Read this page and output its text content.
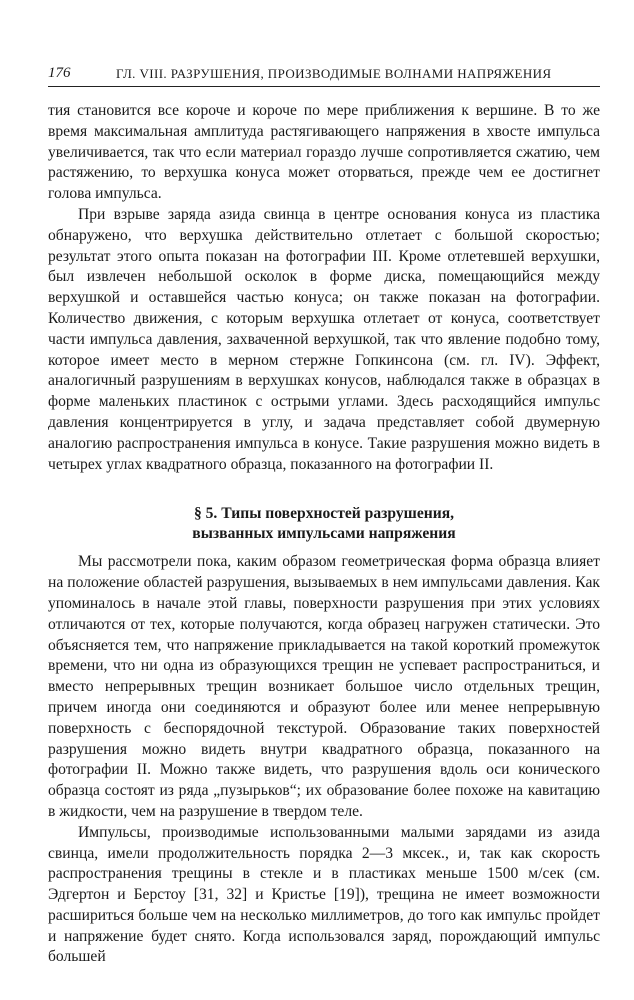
176	ГЛ. VIII. РАЗРУШЕНИЯ, ПРОИЗВОДИМЫЕ ВОЛНАМИ НАПРЯЖЕНИЯ

тия становится все короче и короче по мере приближения к вершине. В то же время максимальная амплитуда растягивающего напряжения в хвосте импульса увеличивается, так что если материал гораздо лучше сопротивляется сжатию, чем растяжению, то верхушка конуса может оторваться, прежде чем ее достигнет голова импульса.

При взрыве заряда азида свинца в центре основания конуса из пластика обнаружено, что верхушка действительно отлетает с большой скоростью; результат этого опыта показан на фотографии III. Кроме отлетевшей верхушки, был извлечен небольшой осколок в форме диска, помещающийся между верхушкой и оставшейся частью конуса; он также показан на фотографии. Количество движения, с которым верхушка отлетает от конуса, соответствует части импульса давления, захваченной верхушкой, так что явление подобно тому, которое имеет место в мерном стержне Гопкинсона (см. гл. IV). Эффект, аналогичный разрушениям в верхушках конусов, наблюдался также в образцах в форме маленьких пластинок с острыми углами. Здесь расходящийся импульс давления концентрируется в углу, и задача представляет собой двумерную аналогию распространения импульса в конусе. Такие разрушения можно видеть в четырех углах квадратного образца, показанного на фотографии II.

§ 5. Типы поверхностей разрушения,
вызванных импульсами напряжения

Мы рассмотрели пока, каким образом геометрическая форма образца влияет на положение областей разрушения, вызываемых в нем импульсами давления. Как упоминалось в начале этой главы, поверхности разрушения при этих условиях отличаются от тех, которые получаются, когда образец нагружен статически. Это объясняется тем, что напряжение прикладывается на такой короткий промежуток времени, что ни одна из образующихся трещин не успевает распространиться, и вместо непрерывных трещин возникает большое число отдельных трещин, причем иногда они соединяются и образуют более или менее непрерывную поверхность с беспорядочной текстурой. Образование таких поверхностей разрушения можно видеть внутри квадратного образца, показанного на фотографии II. Можно также видеть, что разрушения вдоль оси конического образца состоят из ряда „пузырьков“; их образование более похоже на кавитацию в жидкости, чем на разрушение в твердом теле.

Импульсы, производимые использованными малыми зарядами из азида свинца, имели продолжительность порядка 2—3 мксек., и, так как скорость распространения трещины в стекле и в пластиках меньше 1500 м/сек (см. Эдгертон и Берстоу [31, 32] и Кристье [19]), трещина не имеет возможности расшириться больше чем на несколько миллиметров, до того как импульс пройдет и напряжение будет снято. Когда использовался заряд, порождающий импульс большей
